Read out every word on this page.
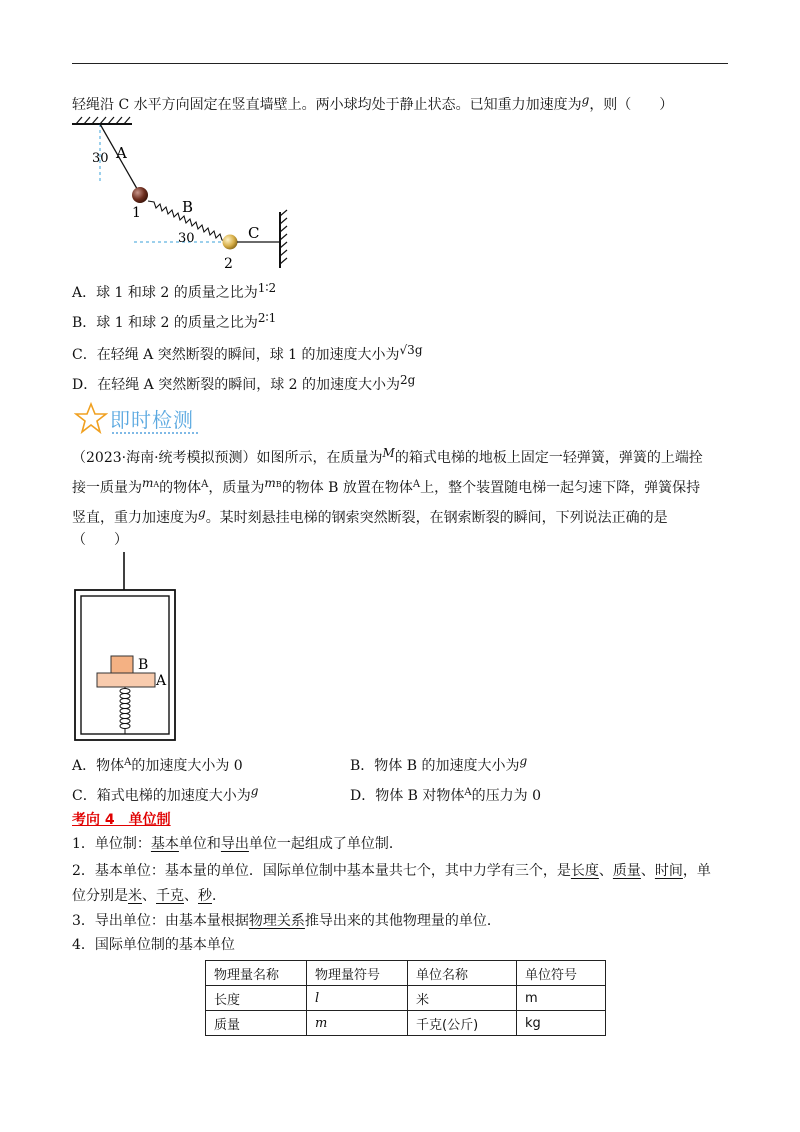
轻绳沿 C 水平方向固定在竖直墙壁上。两小球均处于静止状态。已知重力加速度为g，则（　　）
30 A
1	B
30
2
C
A．球 1 和球 2 的质量之比为1∶2
B．球 1 和球 2 的质量之比为2∶1
C．在轻绳 A 突然断裂的瞬间，球 1 的加速度大小为√3g
D．在轻绳 A 突然断裂的瞬间，球 2 的加速度大小为2g
即时检测
（2023·海南·统考模拟预测）如图所示，在质量为M的箱式电梯的地板上固定一轻弹簧，弹簧的上端拴
接一质量为mA的物体$^A$，质量为mB的物体 B 放置在物体$^A$上，整个装置随电梯一起匀速下降，弹簧保持
竖直，重力加速度为g。某时刻悬挂电梯的钢索突然断裂，在钢索断裂的瞬间，下列说法正确的是
（　　）
B
A
A．物体$^A$的加速度大小为 0	B．物体 B 的加速度大小为g
C．箱式电梯的加速度大小为g	D．物体 B 对物体$^A$的压力为 0
考向 4　单位制
1．单位制：基本单位和导出单位一起组成了单位制．
2．基本单位：基本量的单位．国际单位制中基本量共七个，其中力学有三个，是长度、质量、时间，单
位分别是米、千克、秒．
3．导出单位：由基本量根据物理关系推导出来的其他物理量的单位．
4．国际单位制的基本单位
物理量名称	物理量符号	单位名称	单位符号
长度	l	米	m
质量	m	千克(公斤)	kg
